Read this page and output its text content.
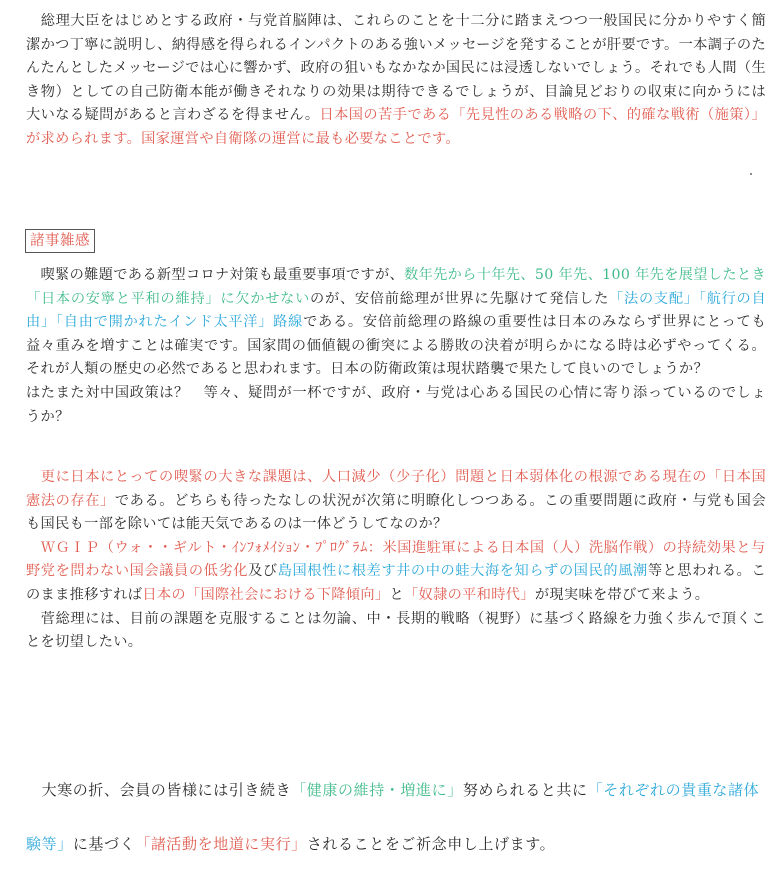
　総理大臣をはじめとする政府・与党首脳陣は、これらのことを十二分に踏まえつつ一般国民に分かりやすく簡潔かつ丁寧に説明し、納得感を得られるインパクトのある強いメッセージを発することが肝要です。一本調子のたんたんとしたメッセージでは心に響かず、政府の狙いもなかなか国民には浸透しないでしょう。それでも人間（生き物）としての自己防衛本能が働きそれなりの効果は期待できるでしょうが、目論見どおりの収束に向かうには大いなる疑問があると言わざるを得ません。日本国の苦手である「先見性のある戦略の下、的確な戦術（施策）」が求められます。国家運営や自衛隊の運営に最も必要なことです。

諸事雑感

　喫緊の難題である新型コロナ対策も最重要事項ですが、数年先から十年先、50 年先、100 年先を展望したとき「日本の安寧と平和の維持」に欠かせないのが、安倍前総理が世界に先駆けて発信した「法の支配」「航行の自由」「自由で開かれたインド太平洋」路線である。安倍前総理の路線の重要性は日本のみならず世界にとっても益々重みを増すことは確実です。国家間の価値観の衝突による勝敗の決着が明らかになる時は必ずやってくる。それが人類の歴史の必然であると思われます。日本の防衛政策は現状踏襲で果たして良いのでしょうか？
はたまた対中国政策は？　等々、疑問が一杯ですが、政府・与党は心ある国民の心情に寄り添っているのでしょうか？

　更に日本にとっての喫緊の大きな課題は、人口減少（少子化）問題と日本弱体化の根源である現在の「日本国憲法の存在」である。どちらも待ったなしの状況が次第に明瞭化しつつある。この重要問題に政府・与党も国会も国民も一部を除いては能天気であるのは一体どうしてなのか？
　ＷＧＩＰ（ウォ・・ギルト・ｲﾝﾌｫﾒｲｼｮﾝ・ﾌﾟﾛｸﾞﾗﾑ：米国進駐軍による日本国（人）洗脳作戦）の持続効果と与野党を問わない国会議員の低劣化及び島国根性に根差す井の中の蛙大海を知らずの国民的風潮等と思われる。このまま推移すれば日本の「国際社会における下降傾向」と「奴隷の平和時代」が現実味を帯びて来よう。
　菅総理には、目前の課題を克服することは勿論、中・長期的戦略（視野）に基づく路線を力強く歩んで頂くことを切望したい。

　大寒の折、会員の皆様には引き続き「健康の維持・増進に」努められると共に「それぞれの貴重な諸体験等」に基づく「諸活動を地道に実行」されることをご祈念申し上げます。
